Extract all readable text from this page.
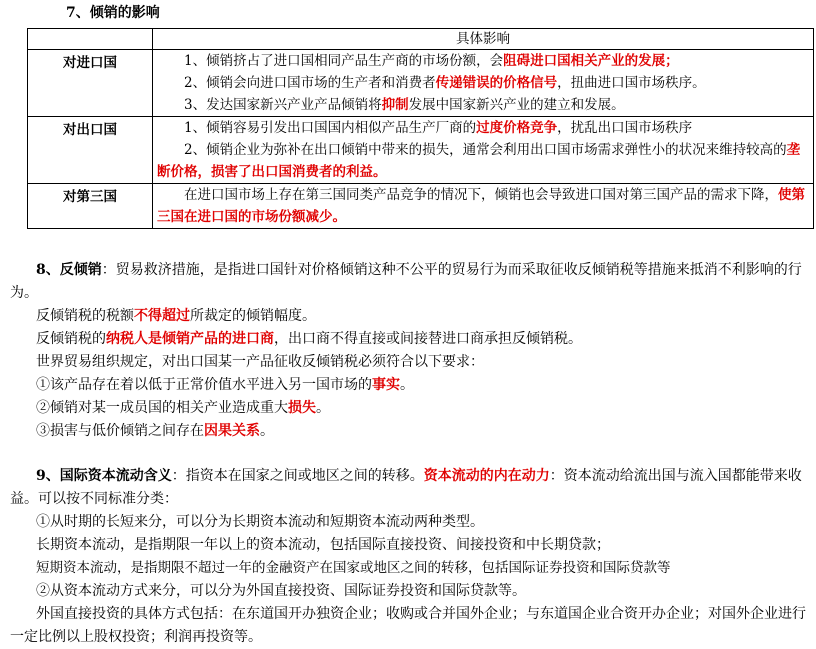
7、倾销的影响
	具体影响
对进口国	1、倾销挤占了进口国相同产品生产商的市场份额，会阻碍进口国相关产业的发展；
2、倾销会向进口国市场的生产者和消费者传递错误的价格信号，扭曲进口国市场秩序。
3、发达国家新兴产业产品倾销将抑制发展中国家新兴产业的建立和发展。

对出口国	1、倾销容易引发出口国国内相似产品生产厂商的过度价格竞争，扰乱出口国市场秩序
2、倾销企业为弥补在出口倾销中带来的损失，通常会利用出口国市场需求弹性小的状况来维持较高的垄断价格，损害了出口国消费者的利益。

对第三国	在进口国市场上存在第三国同类产品竞争的情况下，倾销也会导致进口国对第三国产品的需求下降，使第三国在进口国的市场份额减少。

8、反倾销：贸易救济措施，是指进口国针对价格倾销这种不公平的贸易行为而采取征收反倾销税等措施来抵消不利影响的行为。

反倾销税的税额不得超过所裁定的倾销幅度。

反倾销税的纳税人是倾销产品的进口商，出口商不得直接或间接替进口商承担反倾销税。

世界贸易组织规定，对出口国某一产品征收反倾销税必须符合以下要求：

①该产品存在着以低于正常价值水平进入另一国市场的事实。

②倾销对某一成员国的相关产业造成重大损失。

③损害与低价倾销之间存在因果关系。

9、国际资本流动含义：指资本在国家之间或地区之间的转移。资本流动的内在动力：资本流动给流出国与流入国都能带来收益。可以按不同标准分类：

①从时期的长短来分，可以分为长期资本流动和短期资本流动两种类型。

长期资本流动，是指期限一年以上的资本流动，包括国际直接投资、间接投资和中长期贷款；

短期资本流动，是指期限不超过一年的金融资产在国家或地区之间的转移，包括国际证券投资和国际贷款等

②从资本流动方式来分，可以分为外国直接投资、国际证券投资和国际贷款等。

外国直接投资的具体方式包括：在东道国开办独资企业；收购或合并国外企业；与东道国企业合资开办企业；对国外企业进行一定比例以上股权投资；利润再投资等。
